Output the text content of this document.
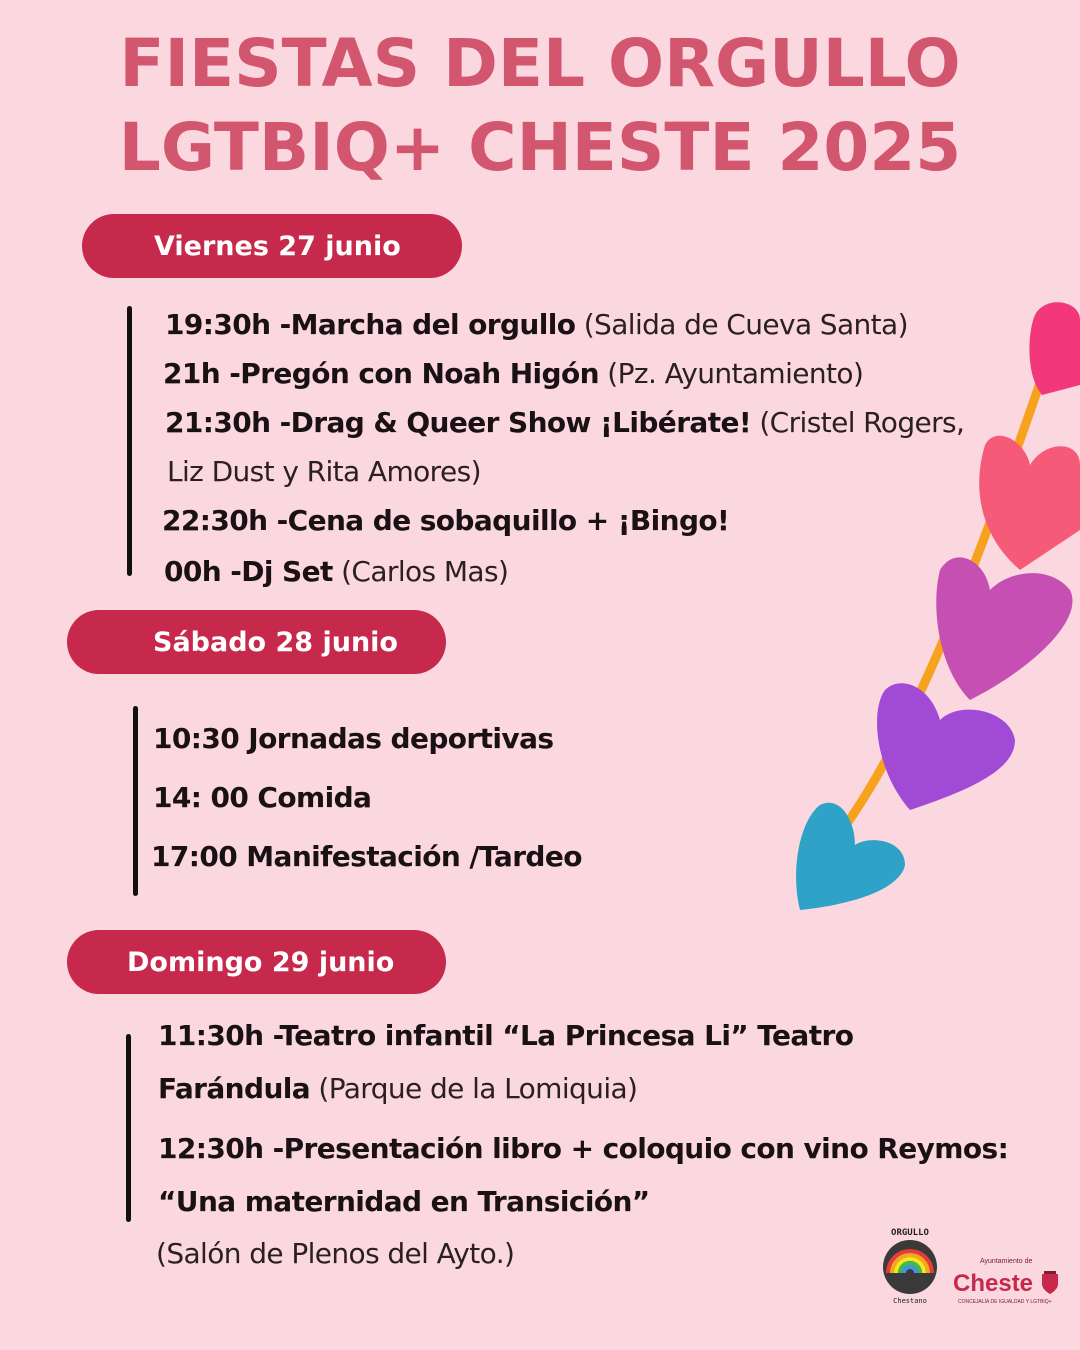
FIESTAS DEL ORGULLO
LGTBIQ+ CHESTE 2025
Viernes 27 junio
19:30h -Marcha del orgullo (Salida de Cueva Santa)
21h -Pregón con Noah Higón (Pz. Ayuntamiento)
21:30h -Drag & Queer Show ¡Libérate! (Cristel Rogers,
Liz Dust y Rita Amores)
22:30h -Cena de sobaquillo + ¡Bingo!
00h -Dj Set (Carlos Mas)
Sábado 28 junio
10:30 Jornadas deportivas
14: 00 Comida
17:00 Manifestación /Tardeo
Domingo 29 junio
11:30h -Teatro infantil “La Princesa Li” Teatro
Farándula (Parque de la Lomiquia)
12:30h -Presentación libro + coloquio con vino Reymos:
“Una maternidad en Transición”
(Salón de Plenos del Ayto.)
ORGULLO
Chestano
Ayuntamiento de
Cheste
CONCEJALÍA DE IGUALDAD Y LGTBIQ+
